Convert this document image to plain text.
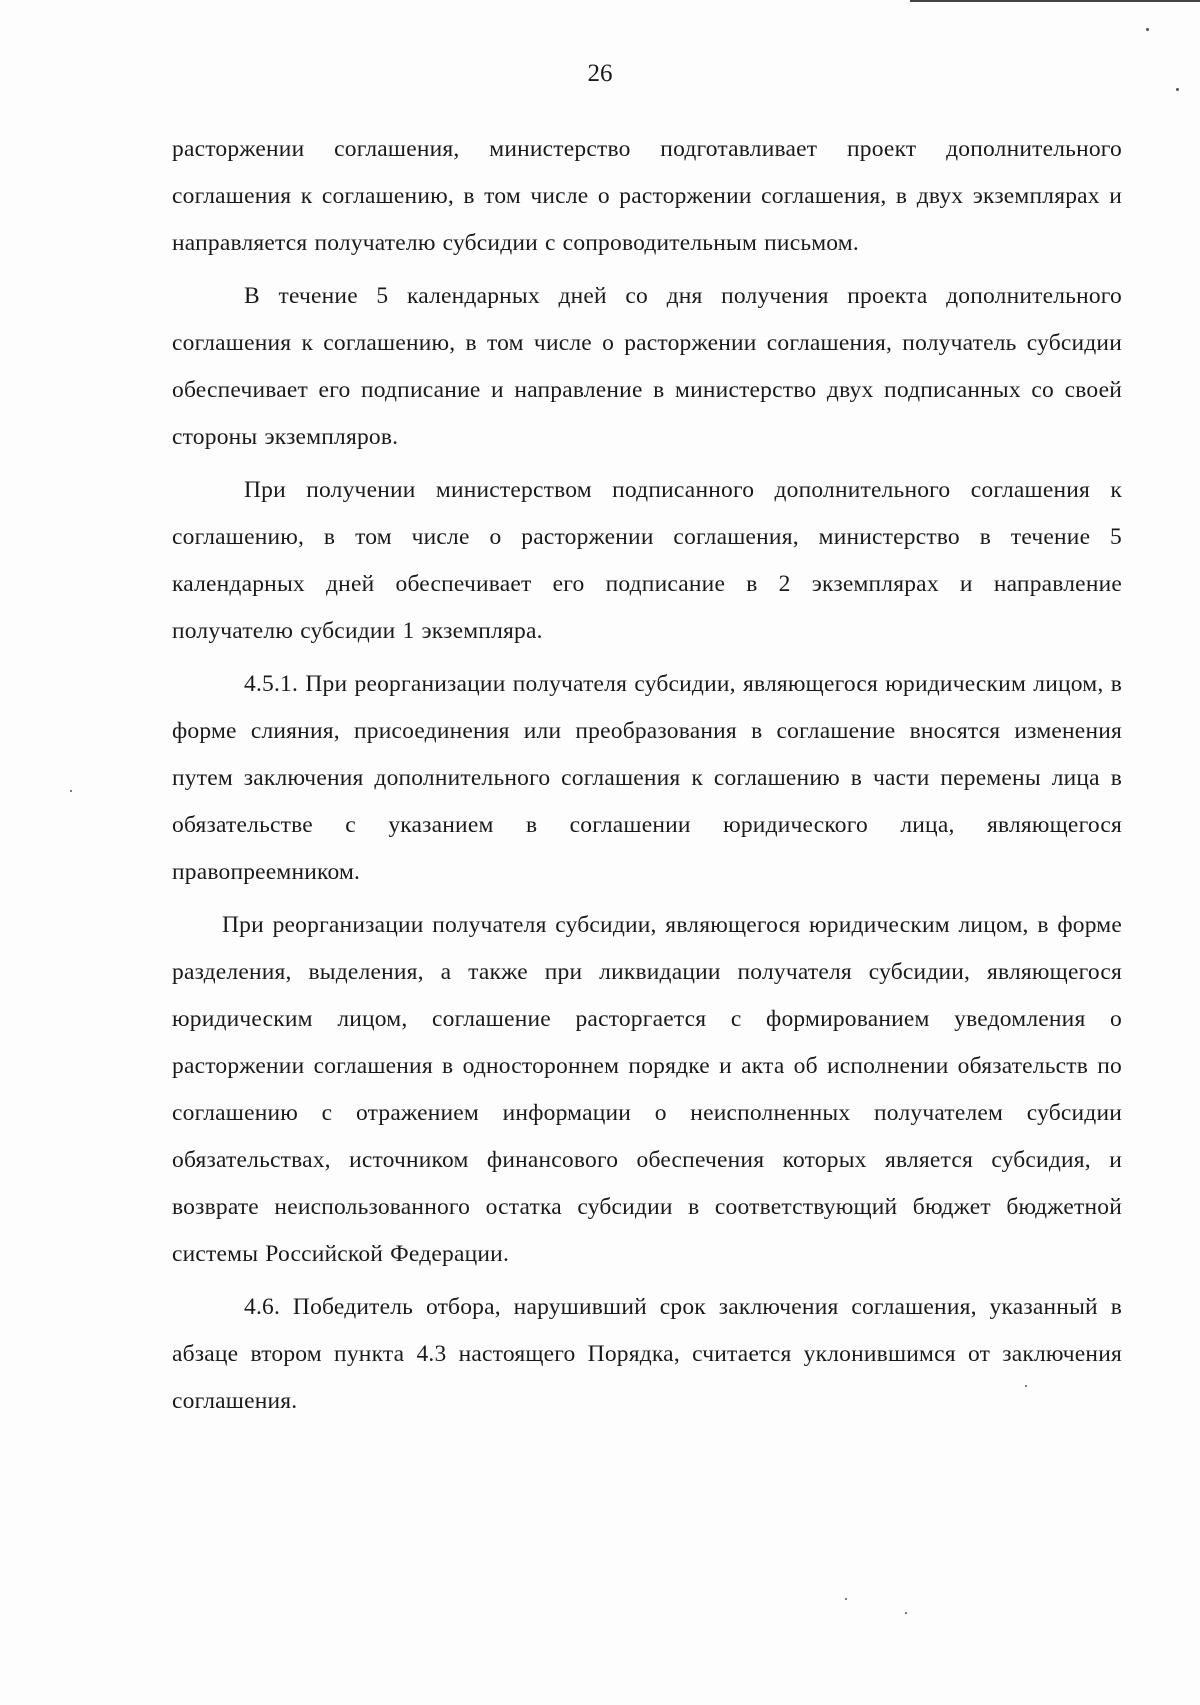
26

расторжении соглашения, министерство подготавливает проект дополнительного соглашения к соглашению, в том числе о расторжении соглашения, в двух экземплярах и направляется получателю субсидии с сопроводительным письмом.

В течение 5 календарных дней со дня получения проекта дополнительного соглашения к соглашению, в том числе о расторжении соглашения, получатель субсидии обеспечивает его подписание и направление в министерство двух подписанных со своей стороны экземпляров.

При получении министерством подписанного дополнительного соглашения к соглашению, в том числе о расторжении соглашения, министерство в течение 5 календарных дней обеспечивает его подписание в 2 экземплярах и направление получателю субсидии 1 экземпляра.

4.5.1. При реорганизации получателя субсидии, являющегося юридическим лицом, в форме слияния, присоединения или преобразования в соглашение вносятся изменения путем заключения дополнительного соглашения к соглашению в части перемены лица в обязательстве с указанием в соглашении юридического лица, являющегося правопреемником.

При реорганизации получателя субсидии, являющегося юридическим лицом, в форме разделения, выделения, а также при ликвидации получателя субсидии, являющегося юридическим лицом, соглашение расторгается с формированием уведомления о расторжении соглашения в одностороннем порядке и акта об исполнении обязательств по соглашению с отражением информации о неисполненных получателем субсидии обязательствах, источником финансового обеспечения которых является субсидия, и возврате неиспользованного остатка субсидии в соответствующий бюджет бюджетной системы Российской Федерации.

4.6. Победитель отбора, нарушивший срок заключения соглашения, указанный в абзаце втором пункта 4.3 настоящего Порядка, считается уклонившимся от заключения соглашения.
